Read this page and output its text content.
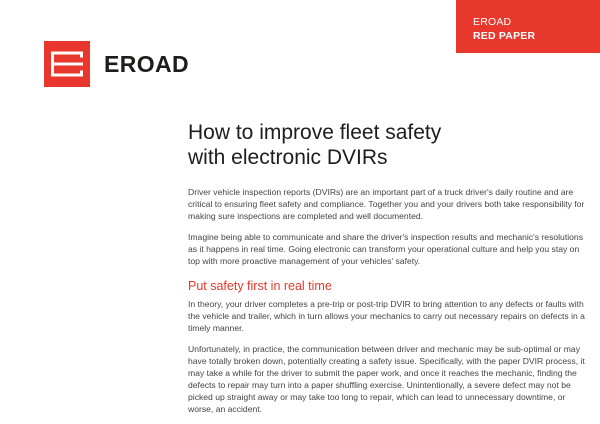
EROAD
RED PAPER
EROAD
How to improve fleet safety
with electronic DVIRs

Driver vehicle inspection reports (DVIRs) are an important part of a truck driver's daily routine and are critical to ensuring fleet safety and compliance. Together you and your drivers both take responsibility for making sure inspections are completed and well documented.

Imagine being able to communicate and share the driver's inspection results and mechanic's resolutions as it happens in real time. Going electronic can transform your operational culture and help you stay on top with more proactive management of your vehicles' safety.

Put safety first in real time

In theory, your driver completes a pre-trip or post-trip DVIR to bring attention to any defects or faults with the vehicle and trailer, which in turn allows your mechanics to carry out necessary repairs on defects in a timely manner.

Unfortunately, in practice, the communication between driver and mechanic may be sub-optimal or may have totally broken down, potentially creating a safety issue. Specifically, with the paper DVIR process, it may take a while for the driver to submit the paper work, and once it reaches the mechanic, finding the defects to repair may turn into a paper shuffling exercise. Unintentionally, a severe defect may not be picked up straight away or may take too long to repair, which can lead to unnecessary downtime, or worse, an accident.
